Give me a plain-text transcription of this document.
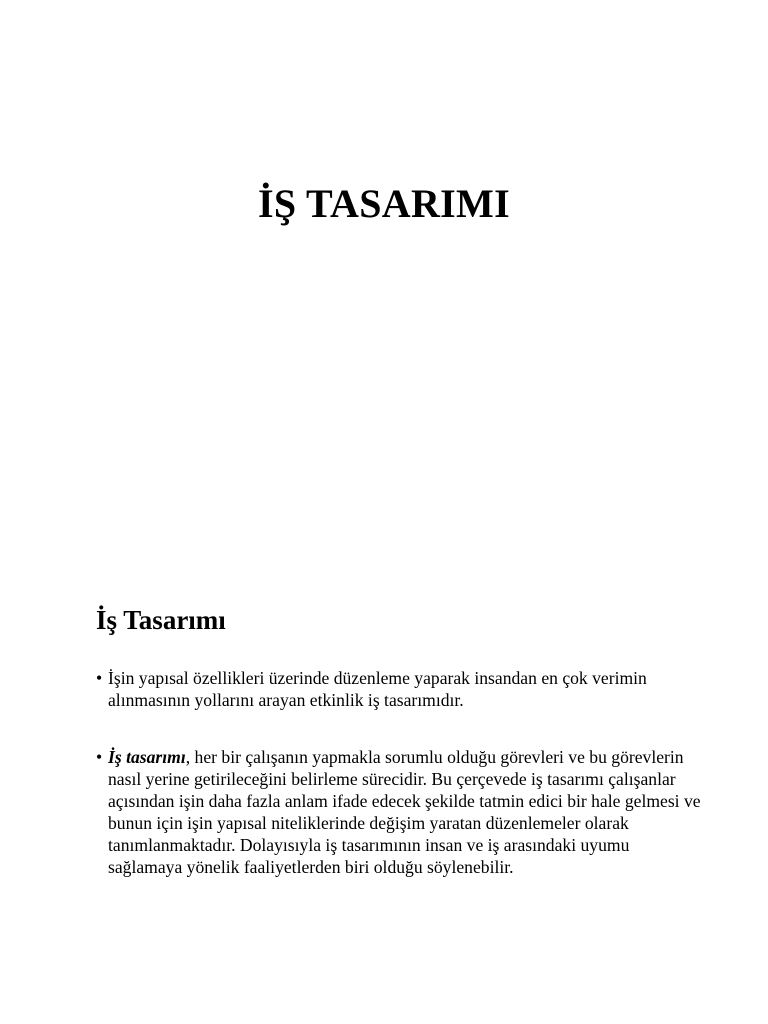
İŞ TASARIMI
İş Tasarımı
• İşin yapısal özellikleri üzerinde düzenleme yaparak insandan en çok verimin alınmasının yollarını arayan etkinlik iş tasarımıdır.
• İş tasarımı, her bir çalışanın yapmakla sorumlu olduğu görevleri ve bu görevlerin nasıl yerine getirileceğini belirleme sürecidir. Bu çerçevede iş tasarımı çalışanlar açısından işin daha fazla anlam ifade edecek şekilde tatmin edici bir hale gelmesi ve bunun için işin yapısal niteliklerinde değişim yaratan düzenlemeler olarak tanımlanmaktadır. Dolayısıyla iş tasarımının insan ve iş arasındaki uyumu sağlamaya yönelik faaliyetlerden biri olduğu söylenebilir.
